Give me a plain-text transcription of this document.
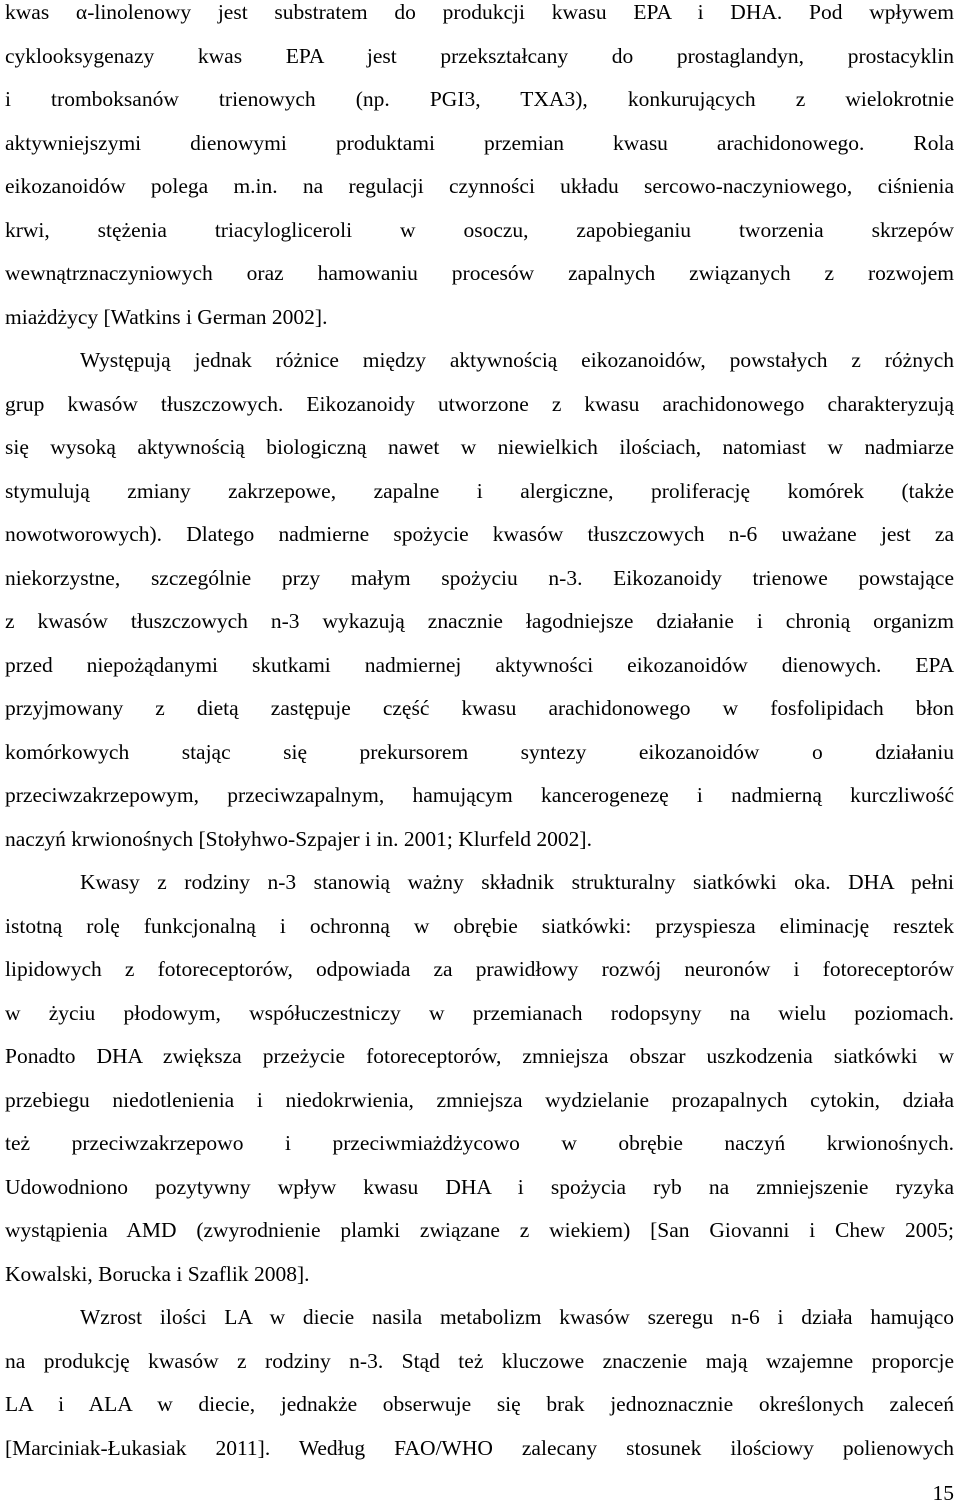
kwas α-linolenowy jest substratem do produkcji kwasu EPA i DHA. Pod wpływem
cyklooksygenazy kwas EPA jest przekształcany do prostaglandyn, prostacyklin
i tromboksanów trienowych (np. PGI3, TXA3), konkurujących z wielokrotnie
aktywniejszymi dienowymi produktami przemian kwasu arachidonowego. Rola
eikozanoidów polega m.in. na regulacji czynności układu sercowo-naczyniowego, ciśnienia
krwi, stężenia triacylogliceroli w osoczu, zapobieganiu tworzenia skrzepów
wewnątrznaczyniowych oraz hamowaniu procesów zapalnych związanych z rozwojem
miażdżycy [Watkins i German 2002].
Występują jednak różnice między aktywnością eikozanoidów, powstałych z różnych
grup kwasów tłuszczowych. Eikozanoidy utworzone z kwasu arachidonowego charakteryzują
się wysoką aktywnością biologiczną nawet w niewielkich ilościach, natomiast w nadmiarze
stymulują zmiany zakrzepowe, zapalne i alergiczne, proliferację komórek (także
nowotworowych). Dlatego nadmierne spożycie kwasów tłuszczowych n-6 uważane jest za
niekorzystne, szczególnie przy małym spożyciu n-3. Eikozanoidy trienowe powstające
z kwasów tłuszczowych n-3 wykazują znacznie łagodniejsze działanie i chronią organizm
przed niepożądanymi skutkami nadmiernej aktywności eikozanoidów dienowych. EPA
przyjmowany z dietą zastępuje część kwasu arachidonowego w fosfolipidach błon
komórkowych stając się prekursorem syntezy eikozanoidów o działaniu
przeciwzakrzepowym, przeciwzapalnym, hamującym kancerogenezę i nadmierną kurczliwość
naczyń krwionośnych [Stołyhwo-Szpajer i in. 2001; Klurfeld 2002].
Kwasy z rodziny n-3 stanowią ważny składnik strukturalny siatkówki oka. DHA pełni
istotną rolę funkcjonalną i ochronną w obrębie siatkówki: przyspiesza eliminację resztek
lipidowych z fotoreceptorów, odpowiada za prawidłowy rozwój neuronów i fotoreceptorów
w życiu płodowym, współuczestniczy w przemianach rodopsyny na wielu poziomach.
Ponadto DHA zwiększa przeżycie fotoreceptorów, zmniejsza obszar uszkodzenia siatkówki w
przebiegu niedotlenienia i niedokrwienia, zmniejsza wydzielanie prozapalnych cytokin, działa
też przeciwzakrzepowo i przeciwmiażdżycowo w obrębie naczyń krwionośnych.
Udowodniono pozytywny wpływ kwasu DHA i spożycia ryb na zmniejszenie ryzyka
wystąpienia AMD (zwyrodnienie plamki związane z wiekiem) [San Giovanni i Chew 2005;
Kowalski, Borucka i Szaflik 2008].
Wzrost ilości LA w diecie nasila metabolizm kwasów szeregu n-6 i działa hamująco
na produkcję kwasów z rodziny n-3. Stąd też kluczowe znaczenie mają wzajemne proporcje
LA i ALA w diecie, jednakże obserwuje się brak jednoznacznie określonych zaleceń
[Marciniak-Łukasiak 2011]. Według FAO/WHO zalecany stosunek ilościowy polienowych
15
